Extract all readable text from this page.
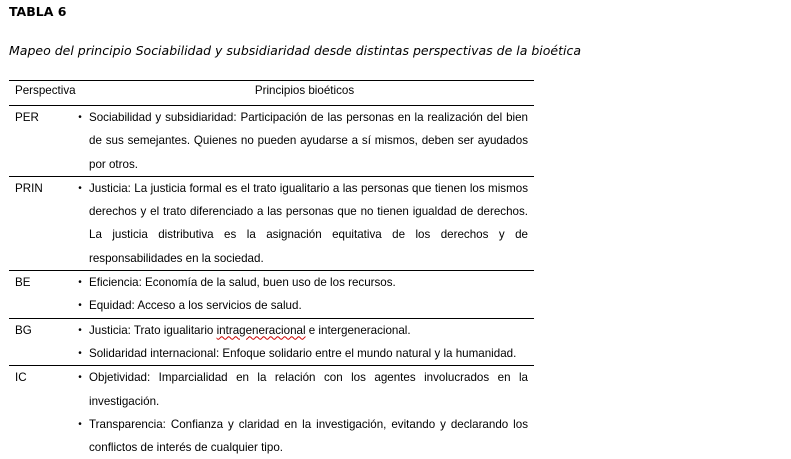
TABLA 6
Mapeo del principio Sociabilidad y subsidiaridad desde distintas perspectivas de la bioética
Perspectiva	Principios bioéticos
PER	• Sociabilidad y subsidiaridad: Participación de las personas en la realización del bien de sus semejantes. Quienes no pueden ayudarse a sí mismos, deben ser ayudados por otros.
PRIN	• Justicia: La justicia formal es el trato igualitario a las personas que tienen los mismos derechos y el trato diferenciado a las personas que no tienen igualdad de derechos. La justicia distributiva es la asignación equitativa de los derechos y de responsabilidades en la sociedad.
BE	• Eficiencia: Economía de la salud, buen uso de los recursos.
• Equidad: Acceso a los servicios de salud.
BG	• Justicia: Trato igualitario intrageneracional e intergeneracional.
• Solidaridad internacional: Enfoque solidario entre el mundo natural y la humanidad.
IC	• Objetividad: Imparcialidad en la relación con los agentes involucrados en la investigación.
• Transparencia: Confianza y claridad en la investigación, evitando y declarando los conflictos de interés de cualquier tipo.
